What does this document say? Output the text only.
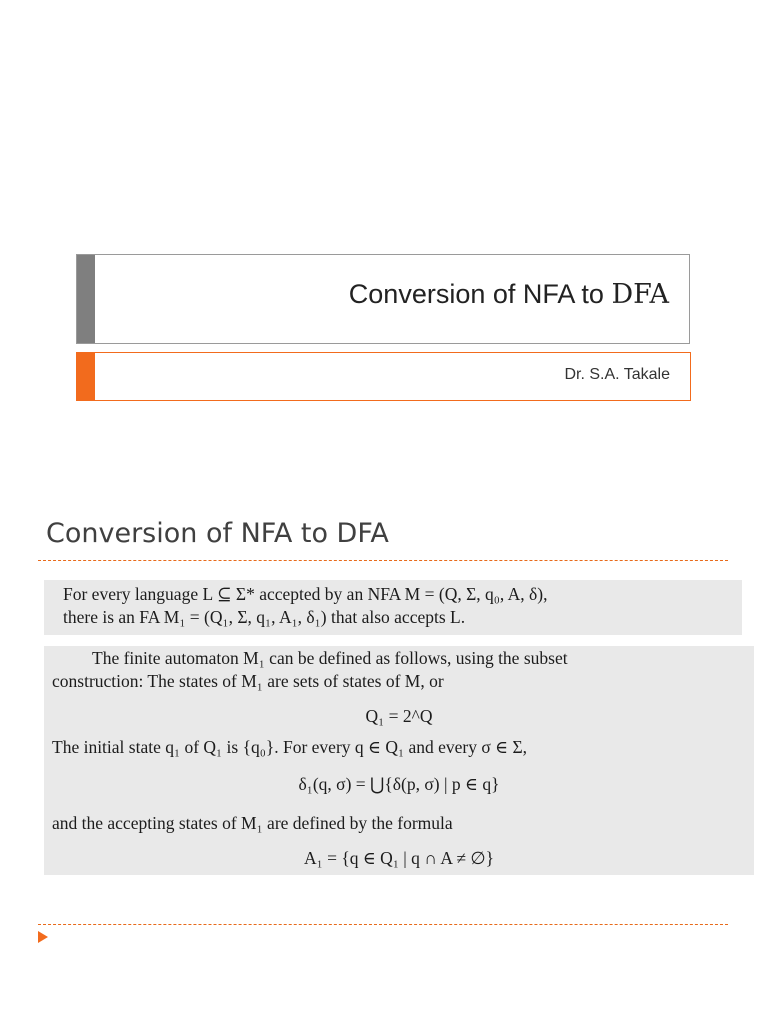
Conversion of NFA to DFA
Dr. S.A. Takale
Conversion of NFA to DFA
For every language L ⊆ Σ* accepted by an NFA M = (Q, Σ, q₀, A, δ),
there is an FA M₁ = (Q₁, Σ, q₁, A₁, δ₁) that also accepts L.
The finite automaton M₁ can be defined as follows, using the subset
construction: The states of M₁ are sets of states of M, or
Q₁ = 2^Q
The initial state q₁ of Q₁ is {q₀}. For every q ∈ Q₁ and every σ ∈ Σ,
δ₁(q, σ) = ⋃{δ(p, σ) | p ∈ q}
and the accepting states of M₁ are defined by the formula
A₁ = {q ∈ Q₁ | q ∩ A ≠ ∅}
